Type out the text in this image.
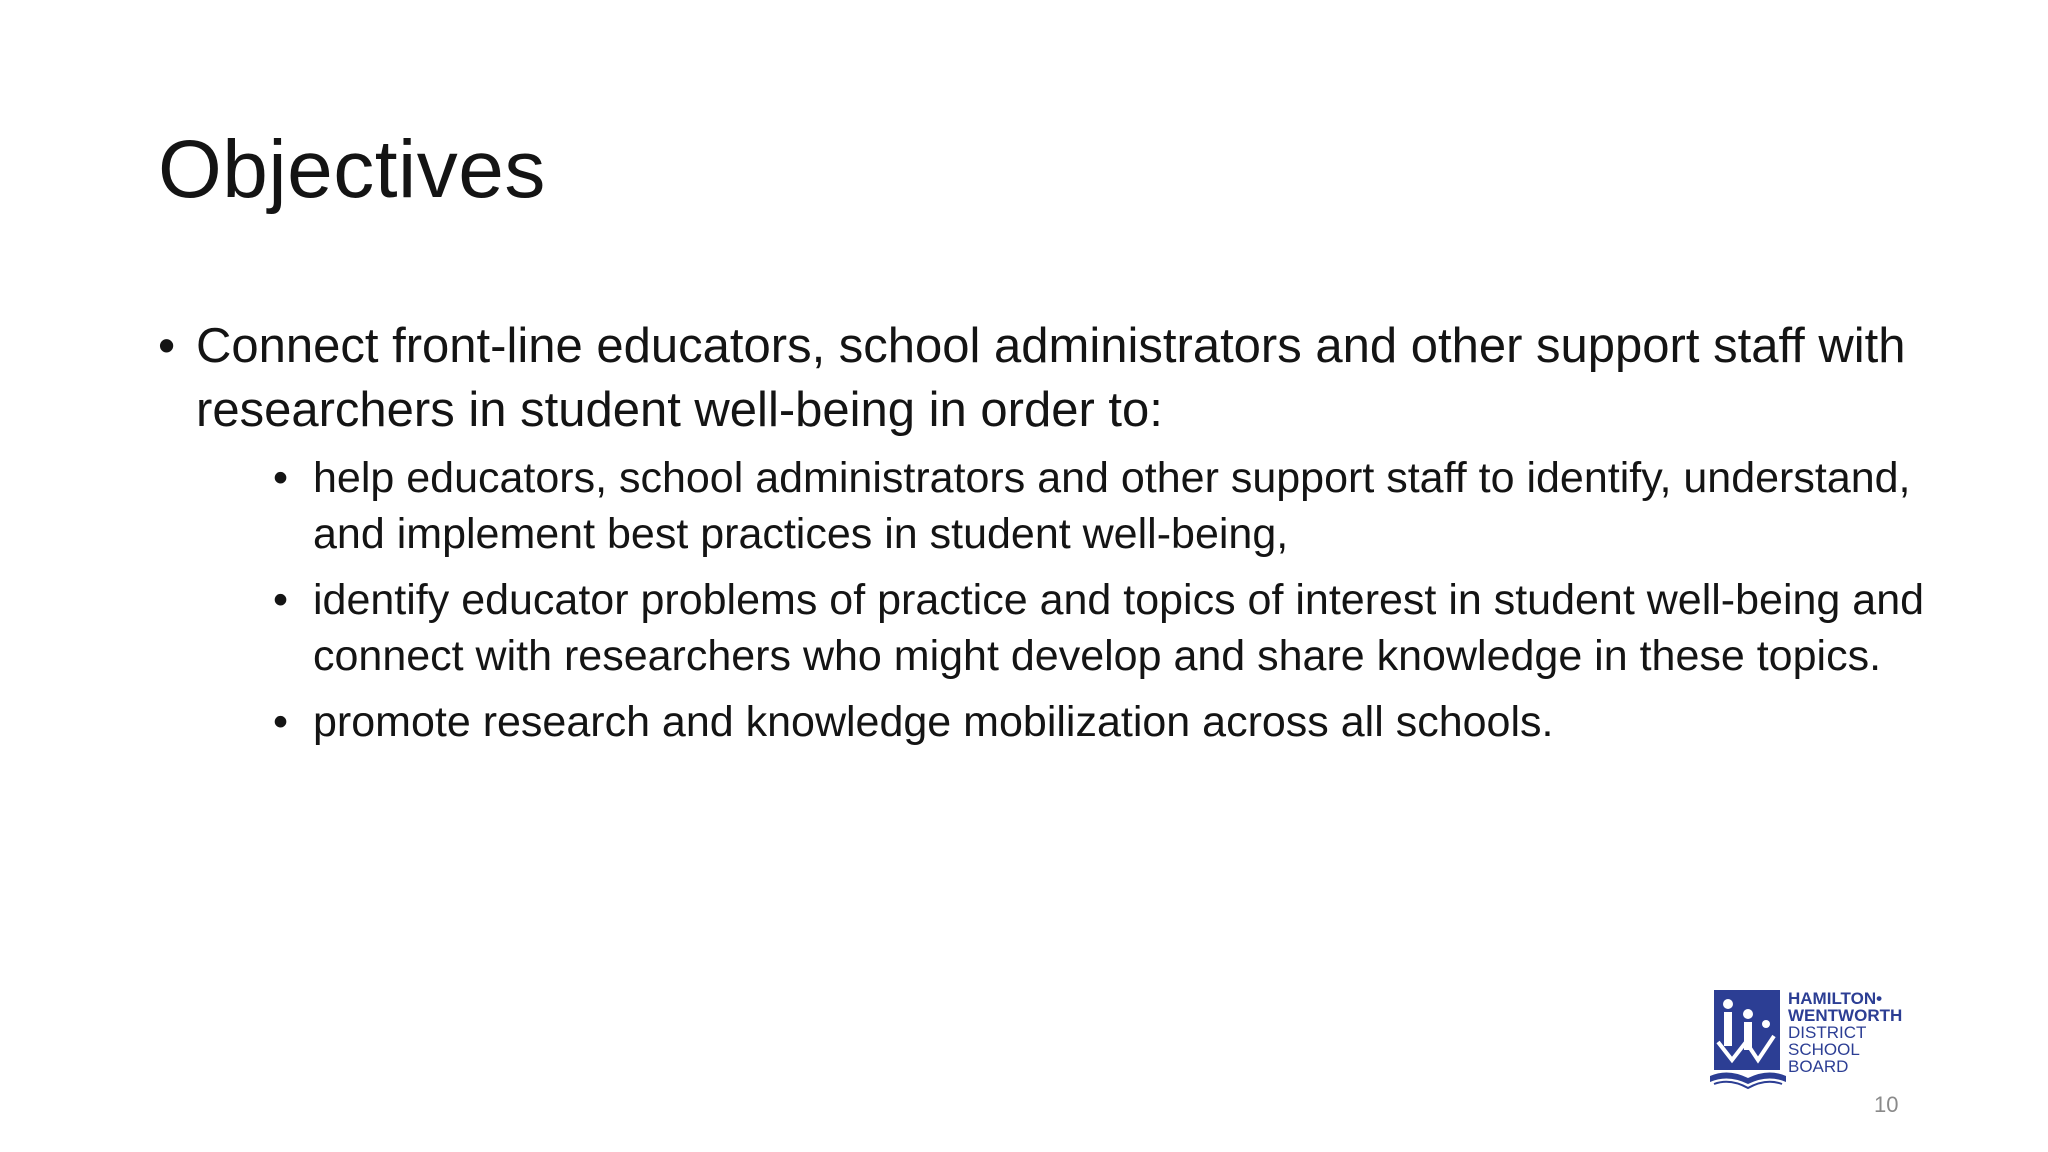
Objectives
• Connect front-line educators, school administrators and other support staff with researchers in student well-being in order to:
• help educators, school administrators and other support staff to identify, understand, and implement best practices in student well-being,
• identify educator problems of practice and topics of interest in student well-being and connect with researchers who might develop and share knowledge in these topics.
• promote research and knowledge mobilization across all schools.
HAMILTON•
WENTWORTH
DISTRICT
SCHOOL
BOARD
10
